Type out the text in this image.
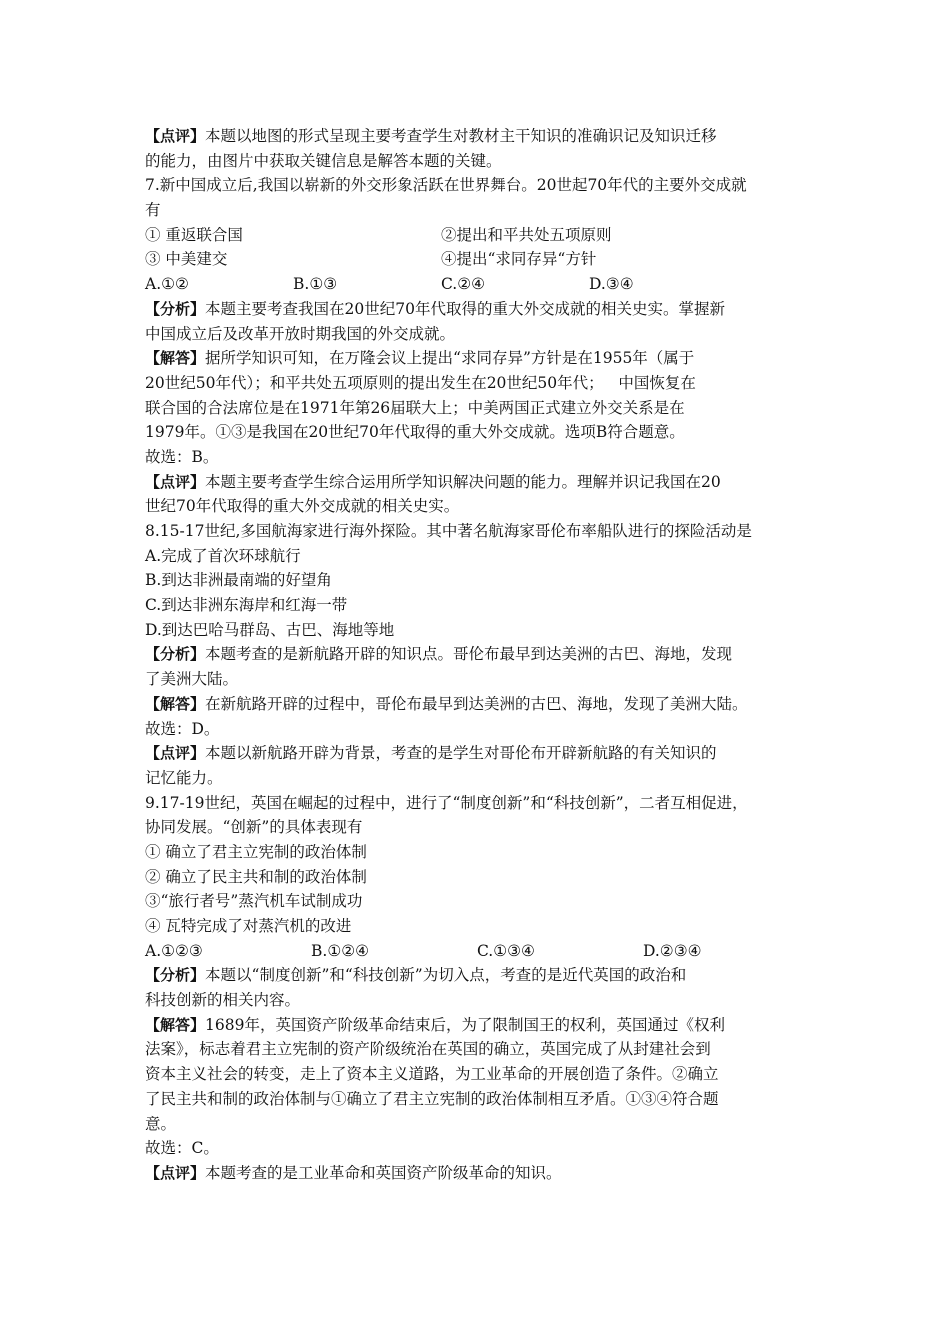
【点评】本题以地图的形式呈现主要考查学生对教材主干知识的准确识记及知识迁移
的能力，由图片中获取关键信息是解答本题的关键。
7.新中国成立后,我国以崭新的外交形象活跃在世界舞台。20世起70年代的主要外交成就
有
① 重返联合国	②提出和平共处五项原则
③ 中美建交	④提出“求同存异“方针
A.①②	B.①③	C.②④	D.③④
【分析】本题主要考查我国在20世纪70年代取得的重大外交成就的相关史实。掌握新
中国成立后及改革开放时期我国的外交成就。
【解答】据所学知识可知，在万隆会议上提出“求同存异”方针是在1955年（属于
20世纪50年代）；和平共处五项原则的提出发生在20世纪50年代；   中国恢复在
联合国的合法席位是在1971年第26届联大上；中美两国正式建立外交关系是在
1979年。①③是我国在20世纪70年代取得的重大外交成就。选项B符合题意。
故选：B。
【点评】本题主要考查学生综合运用所学知识解决问题的能力。理解并识记我国在20
世纪70年代取得的重大外交成就的相关史实。
8.15-17世纪,多国航海家进行海外探险。其中著名航海家哥伦布率船队进行的探险活动是
A.完成了首次环球航行
B.到达非洲最南端的好望角
C.到达非洲东海岸和红海一带
D.到达巴哈马群岛、古巴、海地等地
【分析】本题考查的是新航路开辟的知识点。哥伦布最早到达美洲的古巴、海地，发现
了美洲大陆。
【解答】在新航路开辟的过程中，哥伦布最早到达美洲的古巴、海地，发现了美洲大陆。
故选：D。
【点评】本题以新航路开辟为背景，考查的是学生对哥伦布开辟新航路的有关知识的
记忆能力。
9.17-19世纪，英国在崛起的过程中，进行了“制度创新”和“科技创新”，二者互相促进，
协同发展。“创新”的具体表现有
① 确立了君主立宪制的政治体制
② 确立了民主共和制的政治体制
③“旅行者号”蒸汽机车试制成功
④ 瓦特完成了对蒸汽机的改进
A.①②③	B.①②④	C.①③④	D.②③④
【分析】本题以“制度创新”和“科技创新”为切入点，考查的是近代英国的政治和
科技创新的相关内容。
【解答】1689年，英国资产阶级革命结束后，为了限制国王的权利，英国通过《权利
法案》，标志着君主立宪制的资产阶级统治在英国的确立，英国完成了从封建社会到
资本主义社会的转变，走上了资本主义道路，为工业革命的开展创造了条件。②确立
了民主共和制的政治体制与①确立了君主立宪制的政治体制相互矛盾。①③④符合题
意。
故选：C。
【点评】本题考查的是工业革命和英国资产阶级革命的知识。
